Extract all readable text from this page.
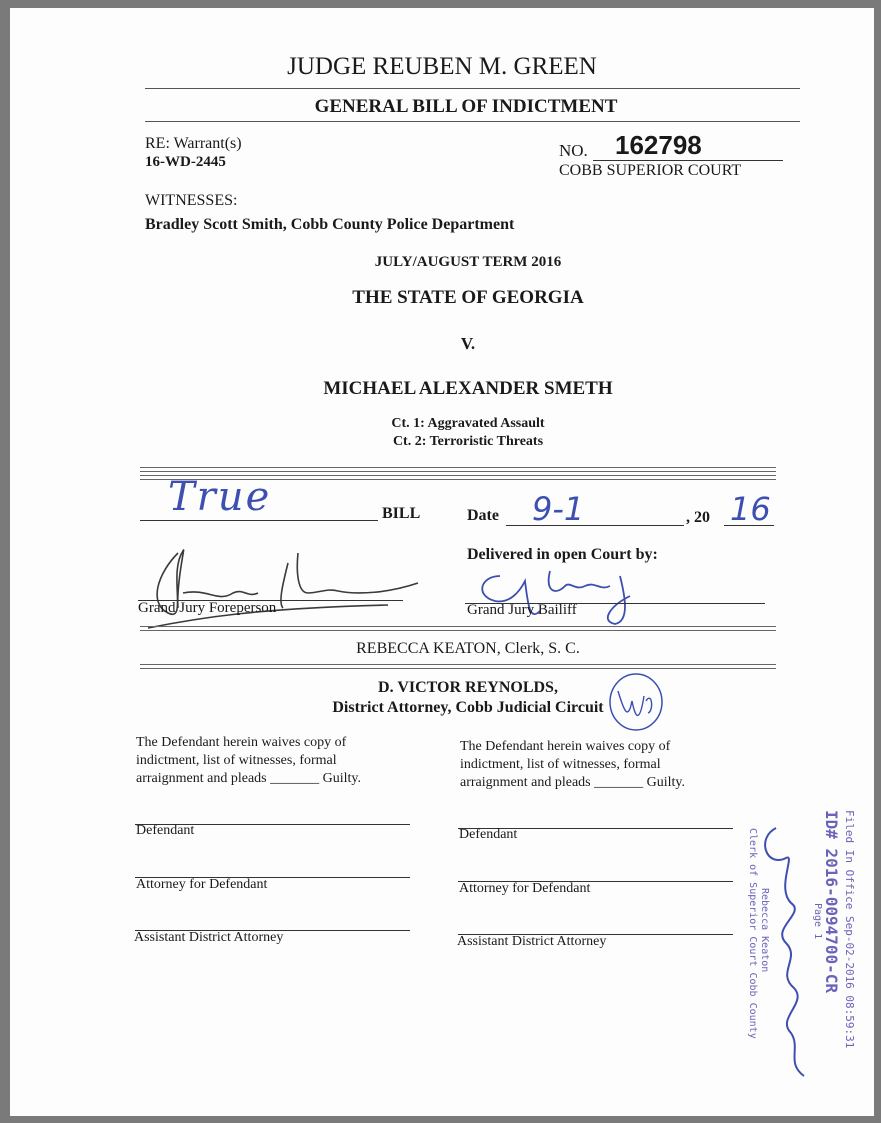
JUDGE REUBEN M. GREEN
GENERAL BILL OF INDICTMENT
RE: Warrant(s)
16-WD-2445
NO. 162798
COBB SUPERIOR COURT
WITNESSES:
Bradley Scott Smith, Cobb County Police Department
JULY/AUGUST TERM 2016
THE STATE OF GEORGIA
V.
MICHAEL ALEXANDER SMETH
Ct. 1: Aggravated Assault
Ct. 2: Terroristic Threats
True	BILL	Date 9-1	, 20 16
Grand Jury Foreperson
Delivered in open Court by:
Grand Jury Bailiff
REBECCA KEATON, Clerk, S. C.
D. VICTOR REYNOLDS,
District Attorney, Cobb Judicial Circuit
The Defendant herein waives copy of
indictment, list of witnesses, formal
arraignment and pleads _______ Guilty.
The Defendant herein waives copy of
indictment, list of witnesses, formal
arraignment and pleads _______ Guilty.
Defendant
Attorney for Defendant
Assistant District Attorney
Defendant
Attorney for Defendant
Assistant District Attorney	Filed In Office Sep-02-2016 08:59:31
ID# 2016-0094700-CR
Page 1
Rebecca Keaton
Clerk of Superior Court Cobb County
